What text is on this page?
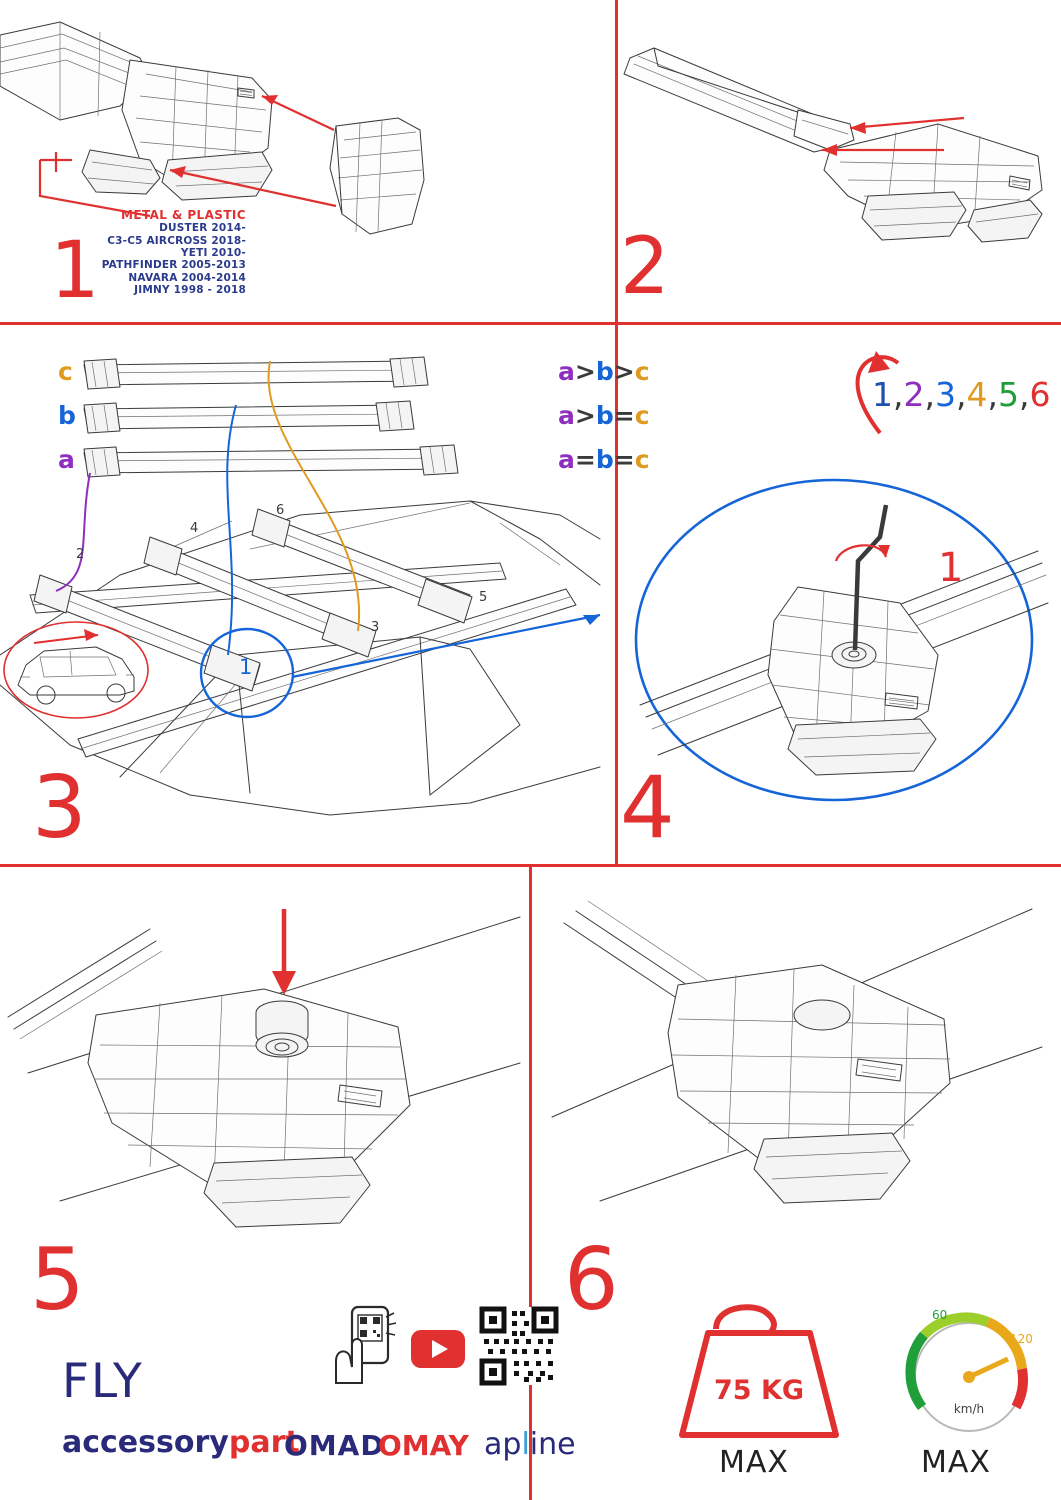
METAL & PLASTIC
DUSTER 2014-
C3-C5 AIRCROSS 2018-
YETI 2010-
PATHFINDER 2005-2013
NAVARA 2004-2014
JIMNY 1998 - 2018
1	2
c
b
a
a>b>c
a>b=c
a=b=c
2
4
6
3
5
1
3
1,2,3,4,5,6
1
4
5
FLY
accessorypart
OMAD
OMAY apline
6
75 KG
MAX
60
120
km/h
MAX
